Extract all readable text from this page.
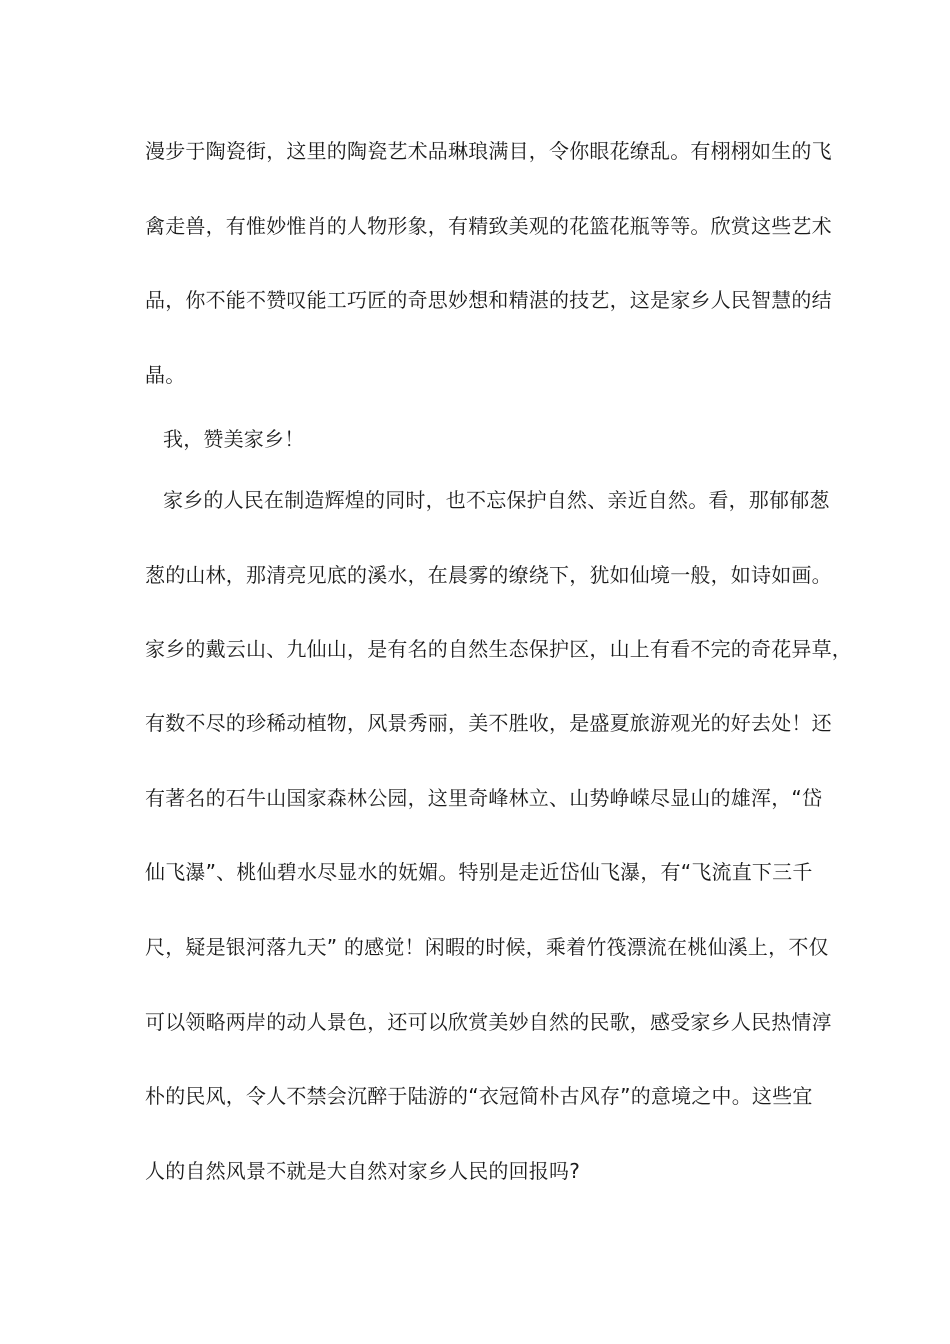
漫步于陶瓷街，这里的陶瓷艺术品琳琅满目，令你眼花缭乱。有栩栩如生的飞
禽走兽，有惟妙惟肖的人物形象，有精致美观的花篮花瓶等等。欣赏这些艺术
品，你不能不赞叹能工巧匠的奇思妙想和精湛的技艺，这是家乡人民智慧的结
晶。
我，赞美家乡！
家乡的人民在制造辉煌的同时，也不忘保护自然、亲近自然。看，那郁郁葱
葱的山林，那清亮见底的溪水，在晨雾的缭绕下，犹如仙境一般，如诗如画。
家乡的戴云山、九仙山，是有名的自然生态保护区，山上有看不完的奇花异草，
有数不尽的珍稀动植物，风景秀丽，美不胜收，是盛夏旅游观光的好去处！还
有著名的石牛山国家森林公园，这里奇峰林立、山势峥嵘尽显山的雄浑，“岱
仙飞瀑”、桃仙碧水尽显水的妩媚。特别是走近岱仙飞瀑，有“飞流直下三千
尺，疑是银河落九天” 的感觉！闲暇的时候，乘着竹筏漂流在桃仙溪上，不仅
可以领略两岸的动人景色，还可以欣赏美妙自然的民歌，感受家乡人民热情淳
朴的民风，令人不禁会沉醉于陆游的“衣冠简朴古风存”的意境之中。这些宜
人的自然风景不就是大自然对家乡人民的回报吗?
